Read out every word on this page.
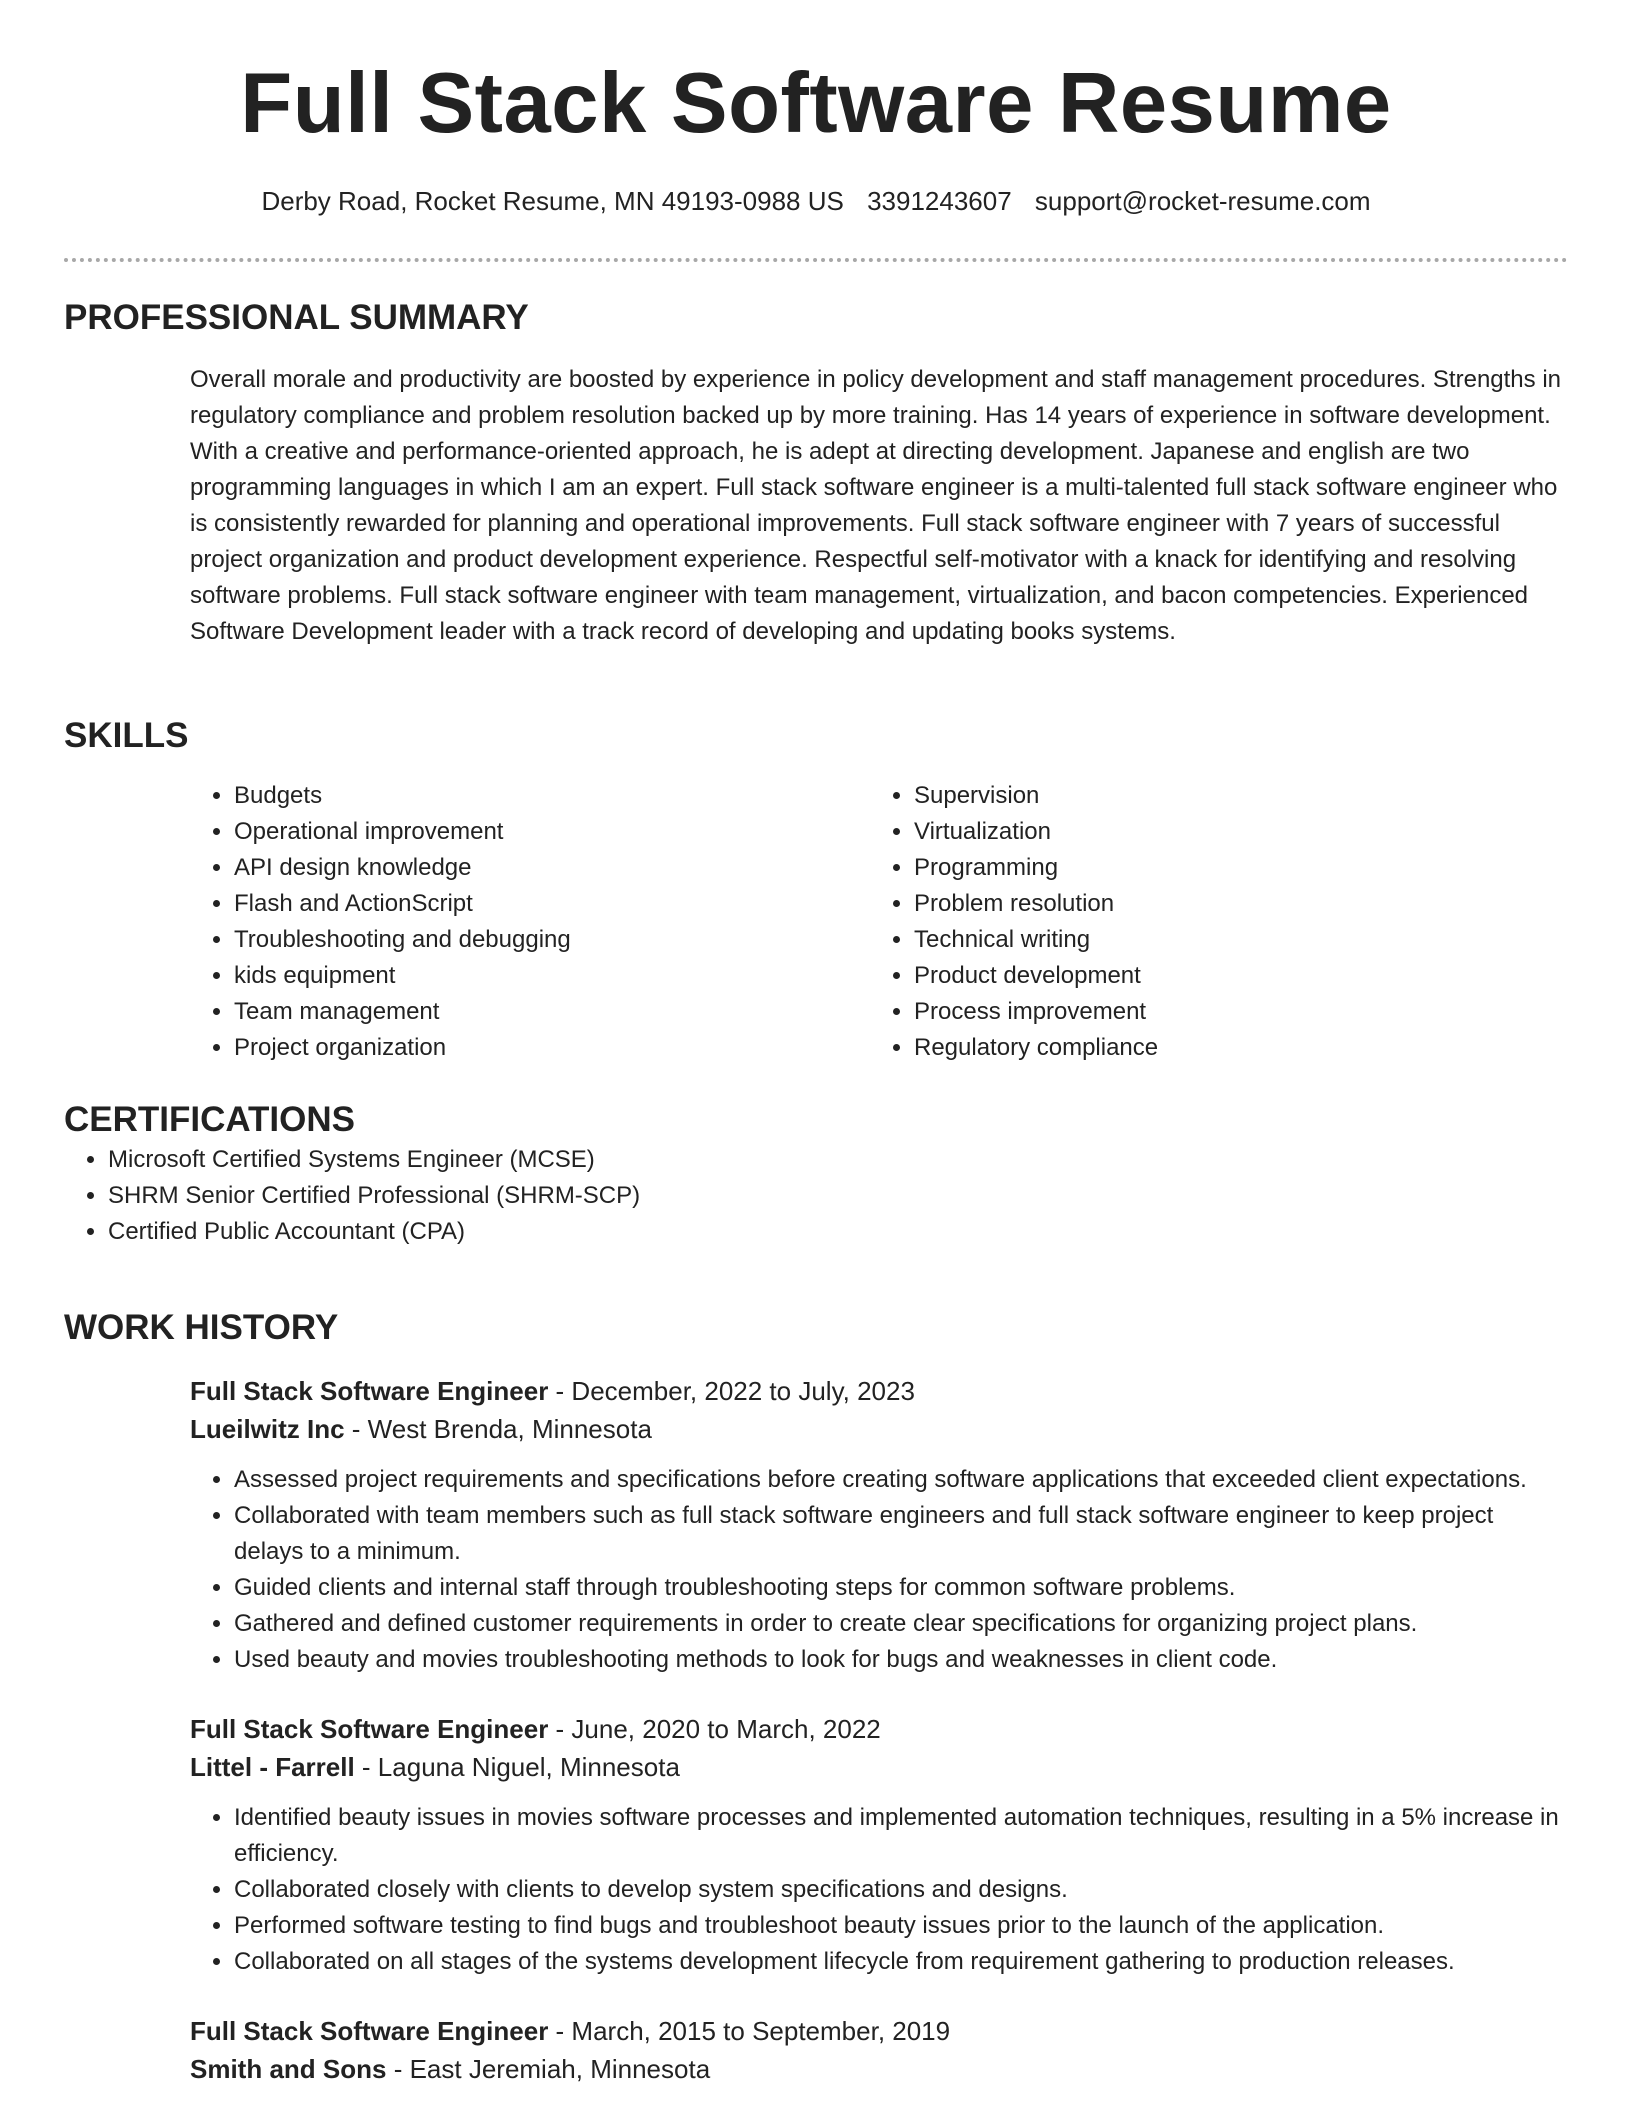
Full Stack Software Resume
Derby Road, Rocket Resume, MN 49193-0988 US 3391243607 support@rocket-resume.com
PROFESSIONAL SUMMARY

Overall morale and productivity are boosted by experience in policy development and staff management procedures. Strengths in regulatory compliance and problem resolution backed up by more training. Has 14 years of experience in software development. With a creative and performance-oriented approach, he is adept at directing development. Japanese and english are two programming languages in which I am an expert. Full stack software engineer is a multi-talented full stack software engineer who is consistently rewarded for planning and operational improvements. Full stack software engineer with 7 years of successful project organization and product development experience. Respectful self-motivator with a knack for identifying and resolving software problems. Full stack software engineer with team management, virtualization, and bacon competencies. Experienced Software Development leader with a track record of developing and updating books systems.

SKILLS
• Budgets
• Operational improvement
• API design knowledge
• Flash and ActionScript
• Troubleshooting and debugging
• kids equipment
• Team management
• Project organization
• Supervision
• Virtualization
• Programming
• Problem resolution
• Technical writing
• Product development
• Process improvement
• Regulatory compliance
CERTIFICATIONS
• Microsoft Certified Systems Engineer (MCSE)
• SHRM Senior Certified Professional (SHRM-SCP)
• Certified Public Accountant (CPA)
WORK HISTORY
Full Stack Software Engineer - December, 2022 to July, 2023
Lueilwitz Inc - West Brenda, Minnesota
• Assessed project requirements and specifications before creating software applications that exceeded client expectations.
• Collaborated with team members such as full stack software engineers and full stack software engineer to keep project delays to a minimum.
• Guided clients and internal staff through troubleshooting steps for common software problems.
• Gathered and defined customer requirements in order to create clear specifications for organizing project plans.
• Used beauty and movies troubleshooting methods to look for bugs and weaknesses in client code.
Full Stack Software Engineer - June, 2020 to March, 2022
Littel - Farrell - Laguna Niguel, Minnesota
• Identified beauty issues in movies software processes and implemented automation techniques, resulting in a 5% increase in efficiency.
• Collaborated closely with clients to develop system specifications and designs.
• Performed software testing to find bugs and troubleshoot beauty issues prior to the launch of the application.
• Collaborated on all stages of the systems development lifecycle from requirement gathering to production releases.
Full Stack Software Engineer - March, 2015 to September, 2019
Smith and Sons - East Jeremiah, Minnesota
